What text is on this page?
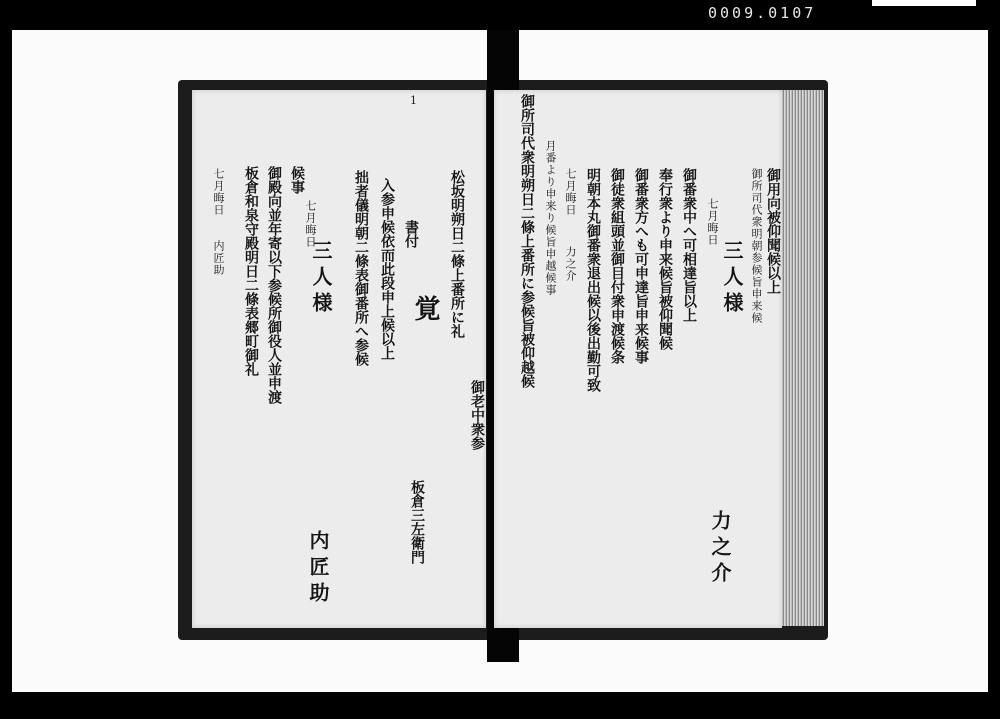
0009.0107
1
七月晦日
内匠助 板倉和泉守殿明日二條表郷町御礼 御殿向並年寄以下参候所御役人並申渡 候事
七月晦日
三人様 拙者儀明朝二條表御番所へ参候 入参申候依而此段申上候以上 書付
覚 松坂明朔日二條上番所に礼
御老中衆参
内匠助
板倉三左衛門
御所司代衆明朔日二條上番所に参候旨被仰越候 月番より申来り候旨申越候事 七月晦日
力之介 明朝本丸御番衆退出候以後出勤可致 御徒衆組頭並御目付衆申渡候条 御番衆方へも可申達旨申来候事 奉行衆より申来候旨被仰聞候 御番衆中へ可相達旨以上 七月晦日
三人様 御所司代衆明朝参候旨申来候 御用向被仰聞候以上
力之介
